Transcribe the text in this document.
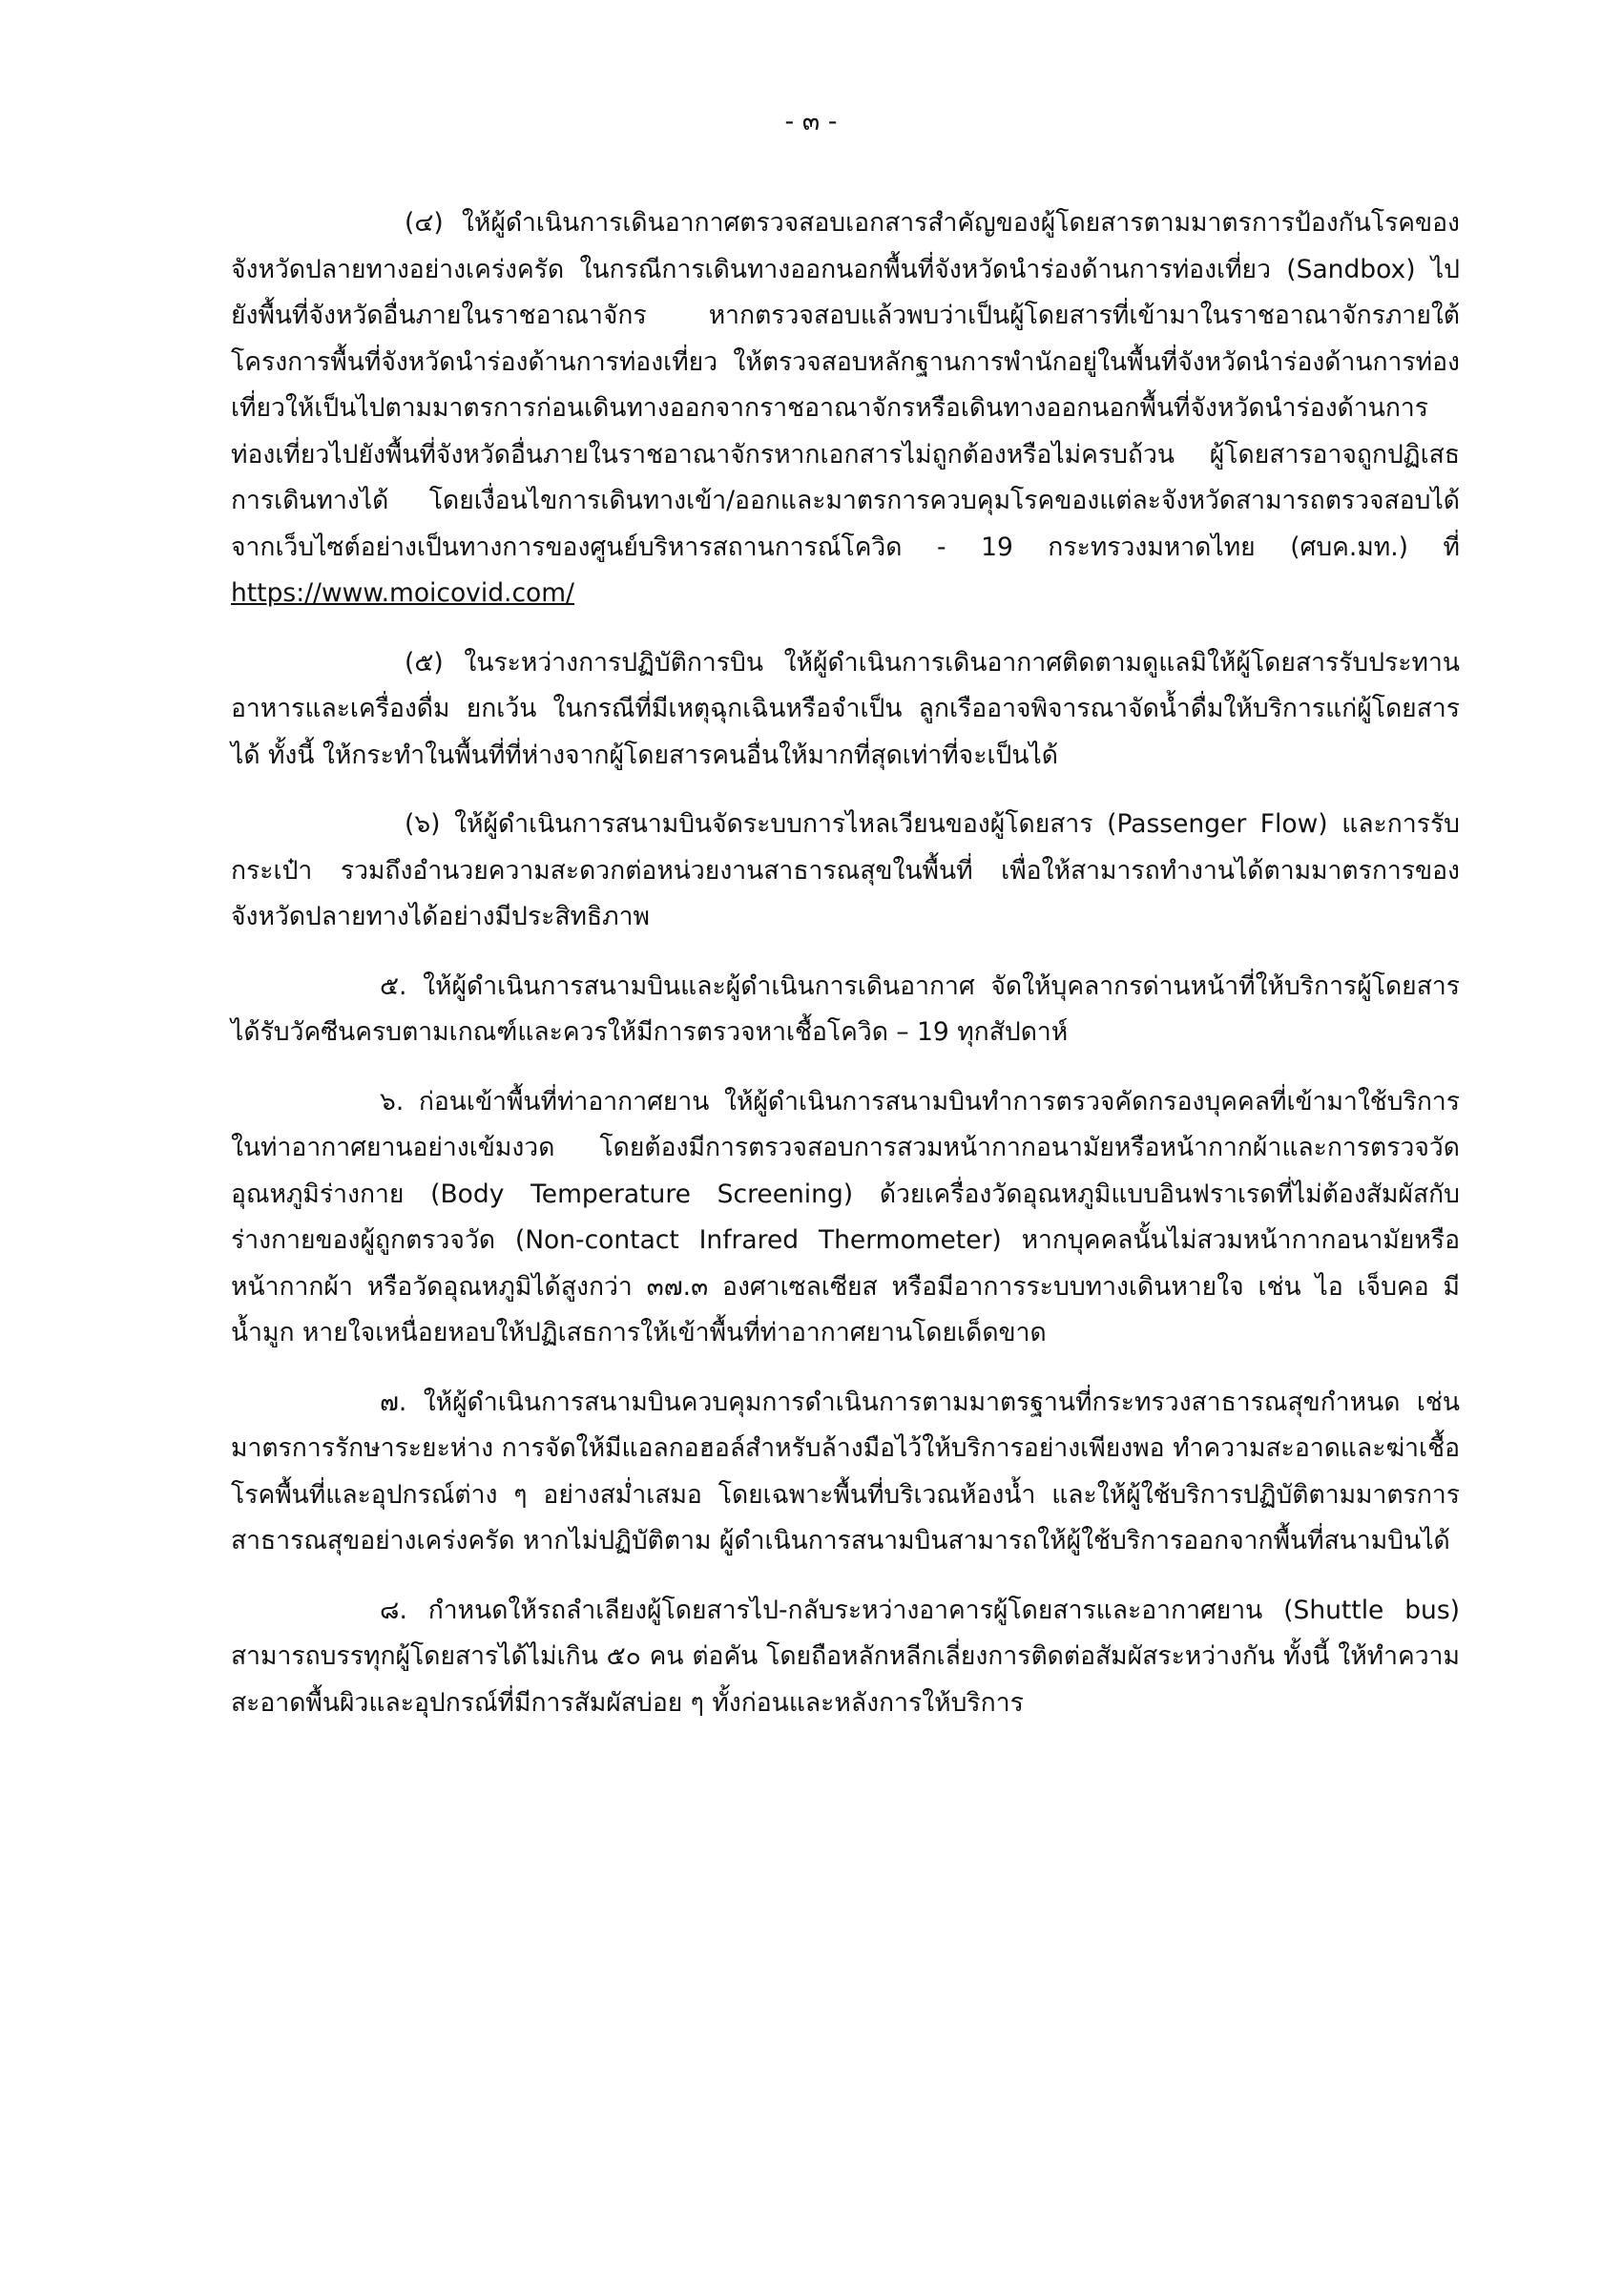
- ๓ -

(๔) ให้ผู้ดำเนินการเดินอากาศตรวจสอบเอกสารสำคัญของผู้โดยสารตามมาตรการป้องกันโรคของจังหวัดปลายทางอย่างเคร่งครัด ในกรณีการเดินทางออกนอกพื้นที่จังหวัดนำร่องด้านการท่องเที่ยว (Sandbox) ไปยังพื้นที่จังหวัดอื่นภายในราชอาณาจักร หากตรวจสอบแล้วพบว่าเป็นผู้โดยสารที่เข้ามาในราชอาณาจักรภายใต้โครงการพื้นที่จังหวัดนำร่องด้านการท่องเที่ยว ให้ตรวจสอบหลักฐานการพำนักอยู่ในพื้นที่จังหวัดนำร่องด้านการท่องเที่ยวให้เป็นไปตามมาตรการก่อนเดินทางออกจากราชอาณาจักรหรือเดินทางออกนอกพื้นที่จังหวัดนำร่องด้านการท่องเที่ยวไปยังพื้นที่จังหวัดอื่นภายในราชอาณาจักรหากเอกสารไม่ถูกต้องหรือไม่ครบถ้วน ผู้โดยสารอาจถูกปฏิเสธการเดินทางได้ โดยเงื่อนไขการเดินทางเข้า/ออกและมาตรการควบคุมโรคของแต่ละจังหวัดสามารถตรวจสอบได้จากเว็บไซต์อย่างเป็นทางการของศูนย์บริหารสถานการณ์โควิด - 19 กระทรวงมหาดไทย (ศบค.มท.) ที่ https://www.moicovid.com/

(๕) ในระหว่างการปฏิบัติการบิน ให้ผู้ดำเนินการเดินอากาศติดตามดูแลมิให้ผู้โดยสารรับประทานอาหารและเครื่องดื่ม ยกเว้น ในกรณีที่มีเหตุฉุกเฉินหรือจำเป็น ลูกเรืออาจพิจารณาจัดน้ำดื่มให้บริการแก่ผู้โดยสารได้ ทั้งนี้ ให้กระทำในพื้นที่ที่ห่างจากผู้โดยสารคนอื่นให้มากที่สุดเท่าที่จะเป็นได้

(๖) ให้ผู้ดำเนินการสนามบินจัดระบบการไหลเวียนของผู้โดยสาร (Passenger Flow) และการรับกระเป๋า รวมถึงอำนวยความสะดวกต่อหน่วยงานสาธารณสุขในพื้นที่ เพื่อให้สามารถทำงานได้ตามมาตรการของจังหวัดปลายทางได้อย่างมีประสิทธิภาพ

๕. ให้ผู้ดำเนินการสนามบินและผู้ดำเนินการเดินอากาศ จัดให้บุคลากรด่านหน้าที่ให้บริการผู้โดยสารได้รับวัคซีนครบตามเกณฑ์และควรให้มีการตรวจหาเชื้อโควิด – 19 ทุกสัปดาห์

๖. ก่อนเข้าพื้นที่ท่าอากาศยาน ให้ผู้ดำเนินการสนามบินทำการตรวจคัดกรองบุคคลที่เข้ามาใช้บริการในท่าอากาศยานอย่างเข้มงวด โดยต้องมีการตรวจสอบการสวมหน้ากากอนามัยหรือหน้ากากผ้าและการตรวจวัดอุณหภูมิร่างกาย (Body Temperature Screening) ด้วยเครื่องวัดอุณหภูมิแบบอินฟราเรดที่ไม่ต้องสัมผัสกับร่างกายของผู้ถูกตรวจวัด (Non-contact Infrared Thermometer) หากบุคคลนั้นไม่สวมหน้ากากอนามัยหรือหน้ากากผ้า หรือวัดอุณหภูมิได้สูงกว่า ๓๗.๓ องศาเซลเซียส หรือมีอาการระบบทางเดินหายใจ เช่น ไอ เจ็บคอ มีน้ำมูก หายใจเหนื่อยหอบให้ปฏิเสธการให้เข้าพื้นที่ท่าอากาศยานโดยเด็ดขาด

๗. ให้ผู้ดำเนินการสนามบินควบคุมการดำเนินการตามมาตรฐานที่กระทรวงสาธารณสุขกำหนด เช่น มาตรการรักษาระยะห่าง การจัดให้มีแอลกอฮอล์สำหรับล้างมือไว้ให้บริการอย่างเพียงพอ ทำความสะอาดและฆ่าเชื้อโรคพื้นที่และอุปกรณ์ต่าง ๆ อย่างสม่ำเสมอ โดยเฉพาะพื้นที่บริเวณห้องน้ำ และให้ผู้ใช้บริการปฏิบัติตามมาตรการสาธารณสุขอย่างเคร่งครัด หากไม่ปฏิบัติตาม ผู้ดำเนินการสนามบินสามารถให้ผู้ใช้บริการออกจากพื้นที่สนามบินได้

๘. กำหนดให้รถลำเลียงผู้โดยสารไป-กลับระหว่างอาคารผู้โดยสารและอากาศยาน (Shuttle bus) สามารถบรรทุกผู้โดยสารได้ไม่เกิน ๕๐ คน ต่อคัน โดยถือหลักหลีกเลี่ยงการติดต่อสัมผัสระหว่างกัน ทั้งนี้ ให้ทำความสะอาดพื้นผิวและอุปกรณ์ที่มีการสัมผัสบ่อย ๆ ทั้งก่อนและหลังการให้บริการ
